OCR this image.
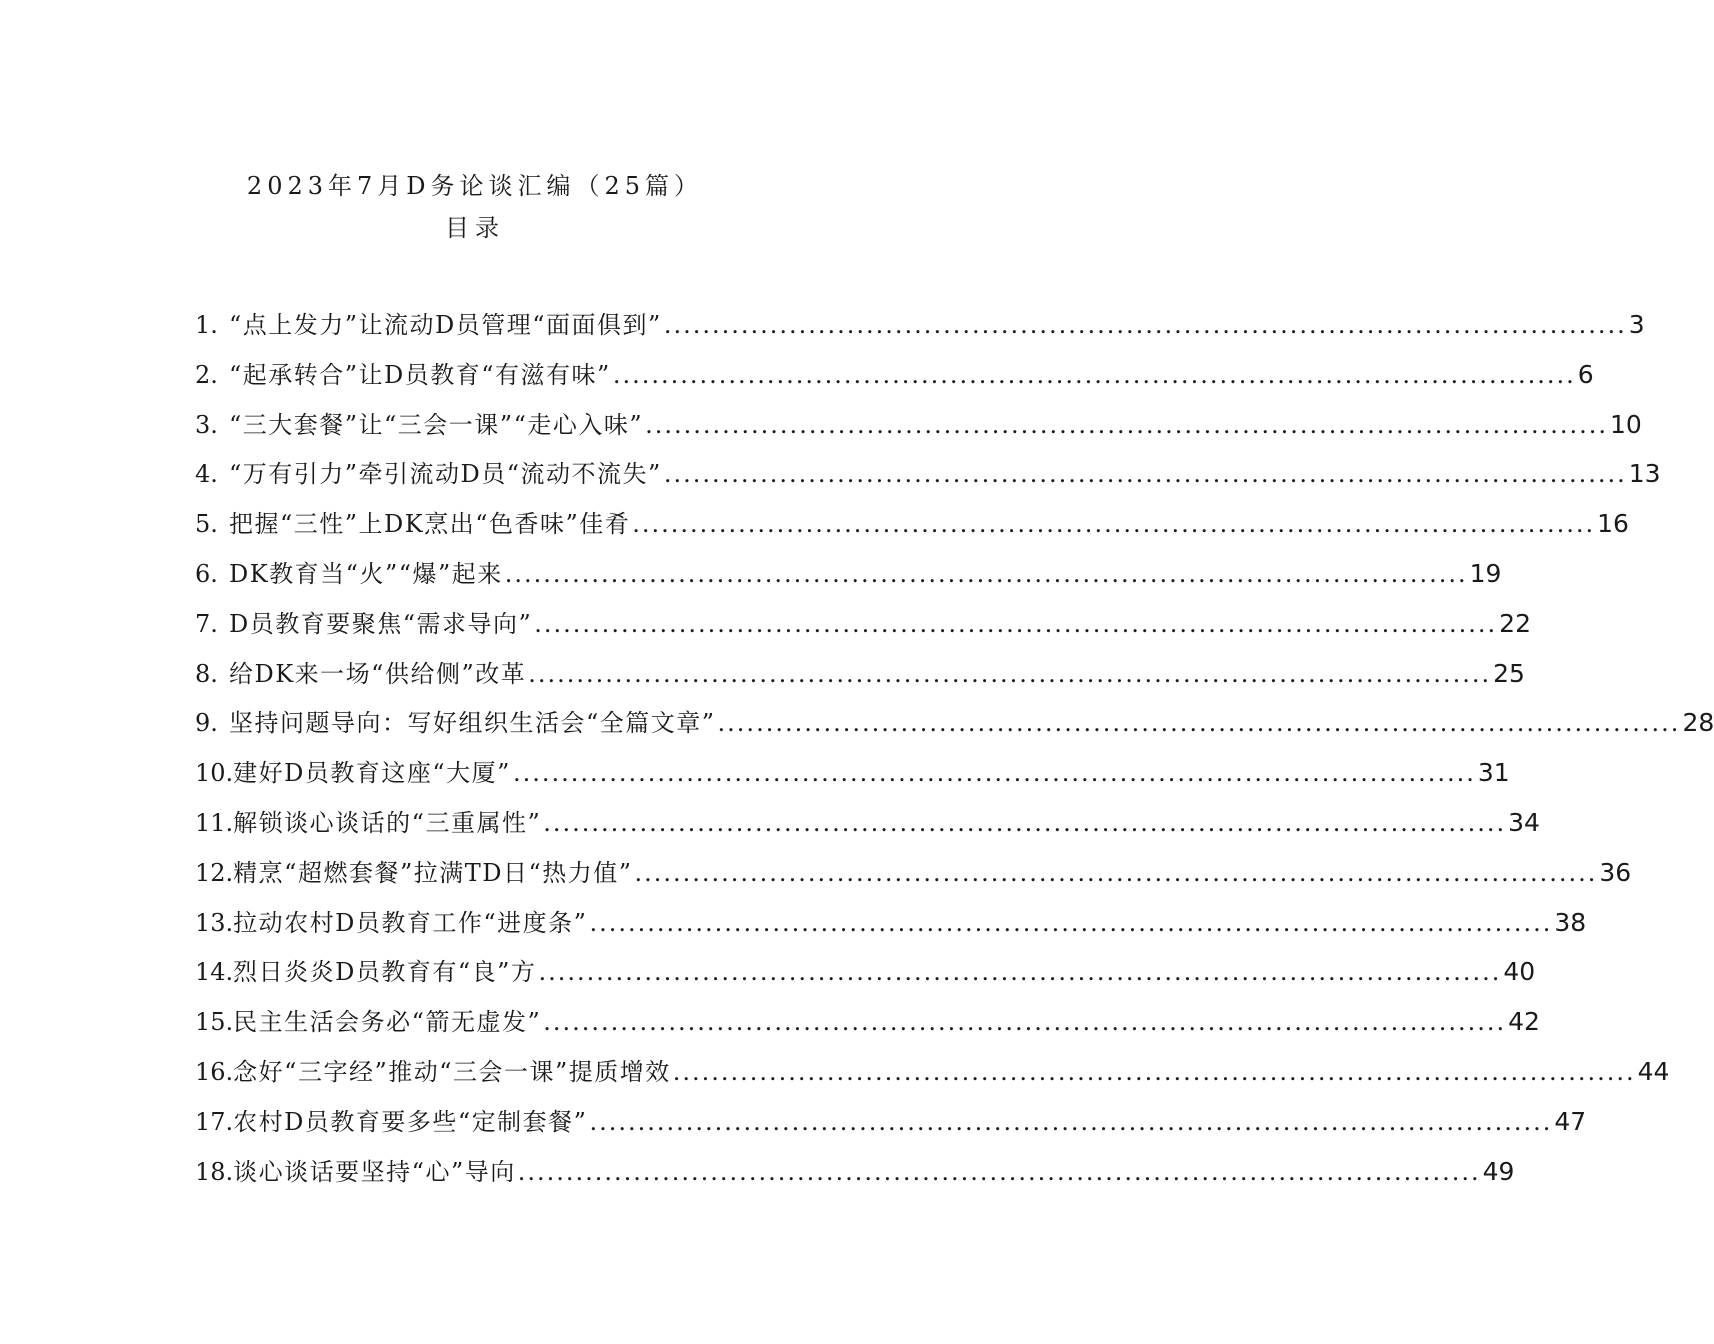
2023年7月D务论谈汇编（25篇）
目录
1. “点上发力”让流动D员管理“面面俱到” .....	3
2. “起承转合”让D员教育“有滋有味” .....	6
3. “三大套餐”让“三会一课”“走心入味” .....	10
4. “万有引力”牵引流动D员“流动不流失” .....	13
5. 把握“三性”上DK烹出“色香味”佳肴 .....	16
6. DK教育当“火”“爆”起来 .....	19
7. D员教育要聚焦“需求导向” .....	22
8. 给DK来一场“供给侧”改革 .....	25
9. 坚持问题导向：写好组织生活会“全篇文章” .....	28
10. 建好D员教育这座“大厦” .....	31
11. 解锁谈心谈话的“三重属性” .....	34
12. 精烹“超燃套餐”拉满TD日“热力值” .....	36
13. 拉动农村D员教育工作“进度条” .....	38
14. 烈日炎炎D员教育有“良”方 .....	40
15. 民主生活会务必“箭无虚发” .....	42
16. 念好“三字经”推动“三会一课”提质增效 .....	44
17. 农村D员教育要多些“定制套餐” .....	47
18. 谈心谈话要坚持“心”导向 .....	49
